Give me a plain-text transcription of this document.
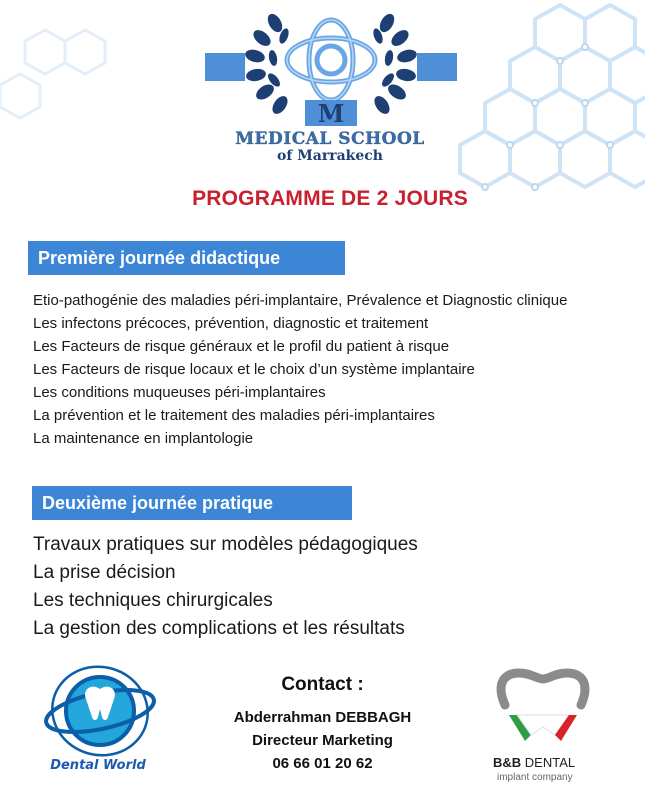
M
MEDICAL SCHOOL
of Marrakech
PROGRAMME DE 2 JOURS
Première journée didactique
Etio-pathogénie des maladies péri-implantaire, Prévalence et Diagnostic clinique
Les infectons précoces, prévention, diagnostic et traitement
Les Facteurs de risque généraux et le profil du patient à risque
Les Facteurs de risque locaux et le choix d’un système implantaire
Les conditions muqueuses péri-implantaires
La prévention et le traitement des maladies péri-implantaires
La maintenance en implantologie
Deuxième journée pratique
Travaux pratiques sur modèles pédagogiques
La prise décision
Les techniques chirurgicales
La gestion des complications et les résultats
Dental World
Contact :
Abderrahman DEBBAGH
Directeur Marketing
06 66 01 20 62	B&B DENTAL
implant company
